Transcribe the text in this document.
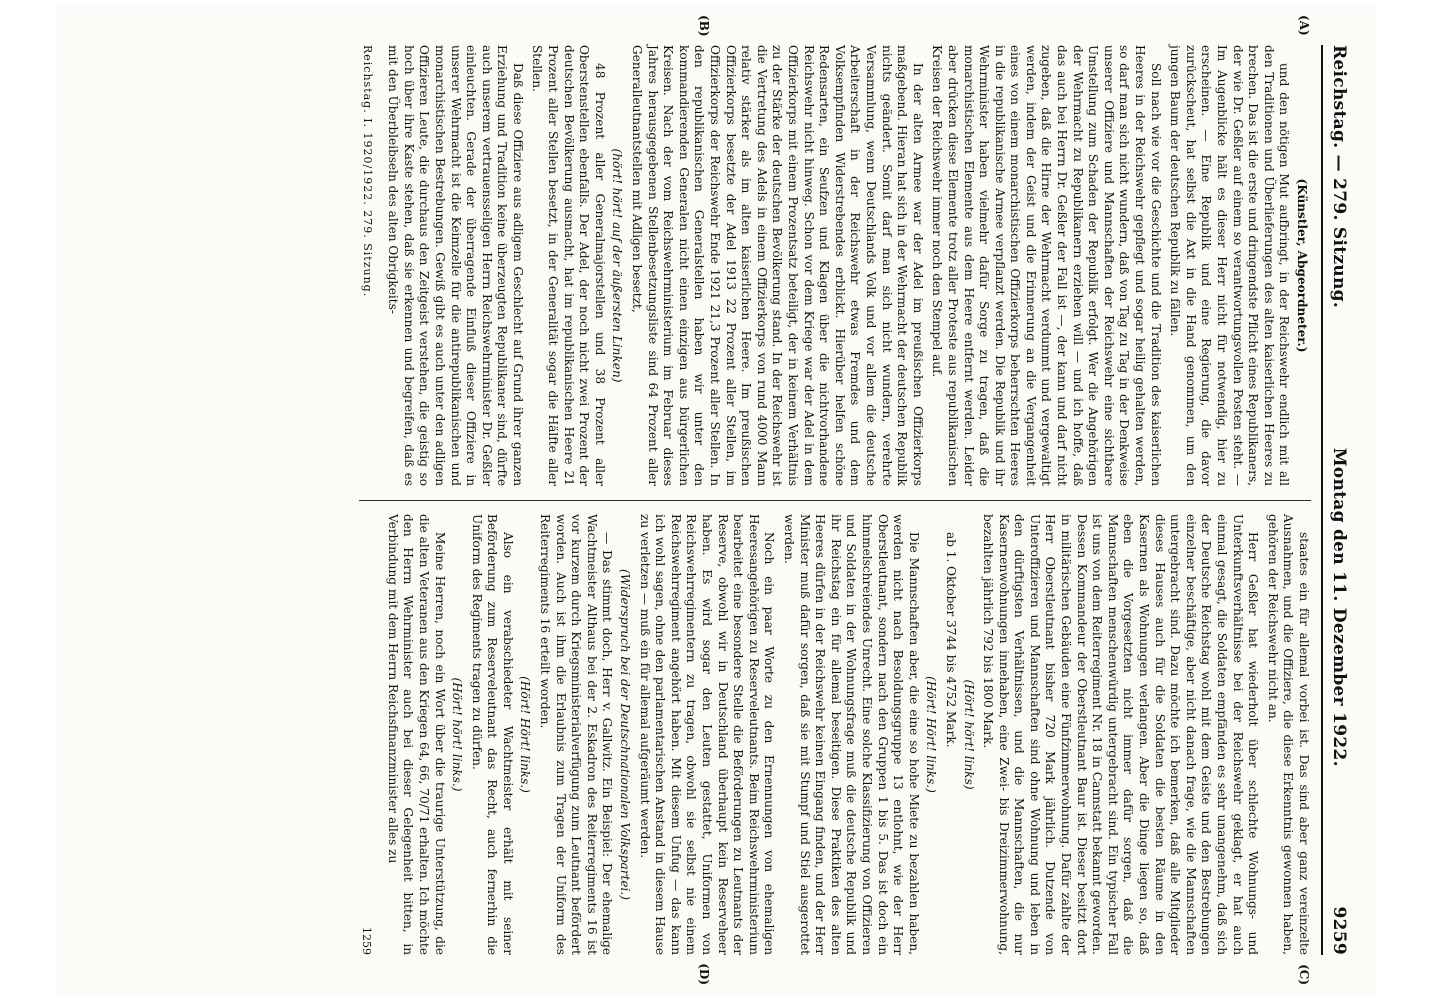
Reichstag. — 279. Sitzung.
Montag den 11. Dezember 1922.
9259
(A)
(B)
(Künstler, Abgeordneter.)

und den nötigen Mut aufbringt, in der Reichswehr endlich mit all den Traditionen und Überlieferungen des alten kaiserlichen Heeres zu brechen. Das ist die erste und dringendste Pflicht eines Republikaners, der wie Dr. Geßler auf einem so verantwortungsvollen Posten steht. — Im Augenblicke hält es dieser Herr nicht für notwendig, hier zu erscheinen. — Eine Republik und eine Regierung, die davor zurückscheut, hat selbst die Axt in die Hand genommen, um den jungen Baum der deutschen Republik zu fällen.

Soll nach wie vor die Geschichte und die Tradition des kaiserlichen Heeres in der Reichswehr gepflegt und sogar heilig gehalten werden, so darf man sich nicht wundern, daß von Tag zu Tag in der Denkweise unserer Offiziere und Mannschaften der Reichswehr eine sichtbare Umstellung zum Schaden der Republik erfolgt. Wer die Angehörigen der Wehrmacht zu Republikanern erziehen will — und ich hoffe, daß das auch bei Herrn Dr. Geßler der Fall ist —, der kann und darf nicht zugeben, daß die Hirne der Wehrmacht verdummt und vergewaltigt werden, indem der Geist und die Erinnerung an die Vergangenheit eines von einem monarchistischen Offizierkorps beherrschten Heeres in die republikanische Armee verpflanzt werden. Die Republik und ihr Wehrminister haben vielmehr dafür Sorge zu tragen, daß die monarchistischen Elemente aus dem Heere entfernt werden. Leider aber drücken diese Elemente trotz aller Proteste aus republikanischen Kreisen der Reichswehr immer noch den Stempel auf.

In der alten Armee war der Adel im preußischen Offizierkorps maßgebend. Hieran hat sich in der Wehrmacht der deutschen Republik nichts geändert. Somit darf man sich nicht wundern, verehrte Versammlung, wenn Deutschlands Volk und vor allem die deutsche Arbeiterschaft in der Reichswehr etwas Fremdes und dem Volksempfinden Widerstrebendes erblickt. Hierüber helfen schöne Redensarten, ein Seufzen und Klagen über die nichtvorhandene Reichswehr nicht hinweg. Schon vor dem Kriege war der Adel in dem Offizierkorps mit einem Prozentsatz beteiligt, der in keinem Verhältnis zu der Stärke der deutschen Bevölkerung stand. In der Reichswehr ist die Vertretung des Adels in einem Offizierkorps von rund 4000 Mann relativ stärker als im alten kaiserlichen Heere. Im preußischen Offizierkorps besetzte der Adel 1913 22 Prozent aller Stellen, im Offizierkorps der Reichswehr Ende 1921 21,3 Prozent aller Stellen. In den republikanischen Generalstellen haben wir unter den kommandierenden Generalen nicht einen einzigen aus bürgerlichen Kreisen. Nach der vom Reichswehrministerium im Februar dieses Jahres herausgegebenen Stellenbesetzungsliste sind 64 Prozent aller Generalleutnantstellen mit Adligen besetzt,

(hört! hört! auf der äußersten Linken)

48 Prozent aller Generalmajorstellen und 38 Prozent aller Oberstenstellen ebenfalls. Der Adel, der noch nicht zwei Prozent der deutschen Bevölkerung ausmacht, hat im republikanischen Heere 21 Prozent aller Stellen besetzt, in der Generalität sogar die Hälfte aller Stellen.

Daß diese Offiziere aus adligem Geschlecht auf Grund ihrer ganzen Erziehung und Tradition keine überzeugten Republikaner sind, dürfte auch unserem vertrauensseligen Herrn Reichswehrminister Dr. Geßler einleuchten. Gerade der überragende Einfluß dieser Offiziere in unserer Wehrmacht ist die Keimzelle für die antirepublikanischen und monarchistischen Bestrebungen. Gewiß gibt es auch unter den adligen Offizieren Leute, die durchaus den Zeitgeist verstehen, die geistig so hoch über ihre Kaste stehen, daß sie erkennen und begreifen, daß es mit den Überbleibseln des alten Obrigkeits-

Reichstag. I. 1920/1922. 279. Sitzung.
(C)
(D)

staates ein für allemal vorbei ist. Das sind aber ganz vereinzelte Ausnahmen, und die Offiziere, die diese Erkenntnis gewonnen haben, gehören der Reichswehr nicht an.

Herr Geßler hat wiederholt über schlechte Wohnungs- und Unterkunftsverhältnisse bei der Reichswehr geklagt, er hat auch einmal gesagt, die Soldaten empfänden es sehr unangenehm, daß sich der Deutsche Reichstag wohl mit dem Geiste und den Bestrebungen einzelner beschäftige, aber nicht danach frage, wie die Mannschaften untergebracht sind. Dazu möchte ich bemerken, daß alle Mitglieder dieses Hauses auch für die Soldaten die besten Räume in den Kasernen als Wohnungen verlangen. Aber die Dinge liegen so, daß eben die Vorgesetzten nicht immer dafür sorgen, daß die Mannschaften menschenwürdig untergebracht sind. Ein typischer Fall ist uns von dem Reiterregiment Nr. 18 in Cannstatt bekannt geworden. Dessen Kommandeur der Oberstleutnant Baur ist. Dieser besitzt dort in militärischen Gebäuden eine Fünfzimmerwohnung. Dafür zahlte der Herr Oberstleutnant bisher 720 Mark jährlich. Dutzende von Unteroffizieren und Mannschaften sind ohne Wohnung und leben in den dürftigsten Verhältnissen, und die Mannschaften, die nur Kasernenwohnungen innehaben, eine Zwei- bis Dreizimmerwohnung, bezahlten jährlich 792 bis 1800 Mark.

(Hört! hört! links)

ab 1. Oktober 3744 bis 4752 Mark.

(Hört! Hört! links.)

Die Mannschaften aber, die eine so hohe Miete zu bezahlen haben, werden nicht nach Besoldungsgruppe 13 entlohnt, wie der Herr Oberstleutnant, sondern nach den Gruppen 1 bis 5. Das ist doch ein himmelschreiendes Unrecht. Eine solche Klassifizierung von Offizieren und Soldaten in der Wohnungsfrage muß die deutsche Republik und ihr Reichstag ein für allemal beseitigen. Diese Praktiken des alten Heeres dürfen in der Reichswehr keinen Eingang finden, und der Herr Minister muß dafür sorgen, daß sie mit Stumpf und Stiel ausgerottet werden.

Noch ein paar Worte zu den Ernennungen von ehemaligen Heeresangehörigen zu Reserveleutnants. Beim Reichswehrministerium bearbeitet eine besondere Stelle die Beförderungen zu Leutnants der Reserve, obwohl wir in Deutschland überhaupt kein Reserveheer haben. Es wird sogar den Leuten gestattet, Uniformen von Reichswehrregimentern zu tragen, obwohl sie selbst nie einem Reichswehrregiment angehört haben. Mit diesem Unfug — das kann ich wohl sagen, ohne den parlamentarischen Anstand in diesem Hause zu verletzen — muß ein für allemal aufgeräumt werden.

(Widerspruch bei der Deutschnationalen Volkspartei.)

— Das stimmt doch, Herr v. Gallwitz. Ein Beispiel: Der ehemalige Wachtmeister Althaus bei der 2. Eskadron des Reiterregiments 16 ist vor kurzem durch Kriegsministerialverfügung zum Leutnant befördert worden. Auch ist ihm die Erlaubnis zum Tragen der Uniform des Reiterregiments 16 erteilt worden.

(Hört! Hört! links.)

Also ein verabschiedeter Wachtmeister erhält mit seiner Beförderung zum Reserveleutnant das Recht, auch fernerhin die Uniform des Regiments tragen zu dürfen.

(Hört! hört! links.)

Meine Herren, noch ein Wort über die traurige Unterstützung, die die alten Veteranen aus den Kriegen 64, 66, 70/71 erhalten. Ich möchte den Herrn Wehrminister auch bei dieser Gelegenheit bitten, in Verbindung mit dem Herrn Reichsfinanzminister alles zu

1259
